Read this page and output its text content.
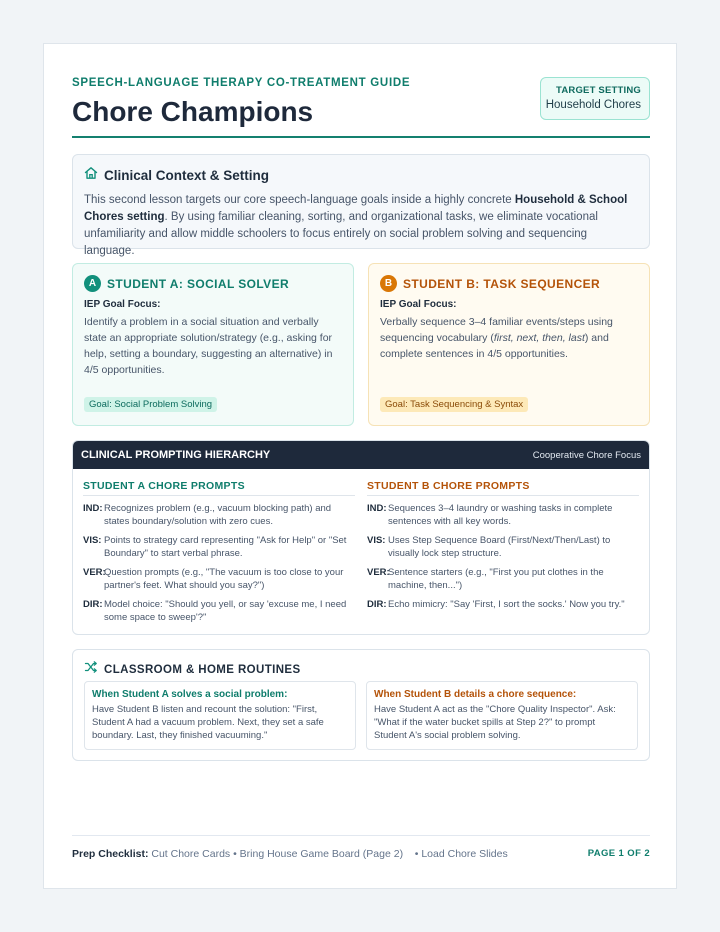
SPEECH-LANGUAGE THERAPY CO-TREATMENT GUIDE
Chore Champions
TARGET SETTING
Household Chores
Clinical Context & Setting

This second lesson targets our core speech-language goals inside a highly concrete Household & School Chores setting. By using familiar cleaning, sorting, and organizational tasks, we eliminate vocational unfamiliarity and allow middle schoolers to focus entirely on social problem solving and sequencing language.

A STUDENT A: SOCIAL SOLVER
IEP Goal Focus:
Identify a problem in a social situation and verbally state an appropriate solution/strategy (e.g., asking for help, setting a boundary, suggesting an alternative) in 4/5 opportunities.
Goal: Social Problem Solving
B STUDENT B: TASK SEQUENCER
IEP Goal Focus:
Verbally sequence 3–4 familiar events/steps using sequencing vocabulary (first, next, then, last) and complete sentences in 4/5 opportunities.
Goal: Task Sequencing & Syntax
CLINICAL PROMPTING HIERARCHY	Cooperative Chore Focus
STUDENT A CHORE PROMPTS
IND: Recognizes problem (e.g., vacuum blocking path) and states boundary/solution with zero cues.
VIS: Points to strategy card representing "Ask for Help" or "Set Boundary" to start verbal phrase.
VER:
Question prompts (e.g., "The vacuum is too close to your partner's feet. What should you say?")
DIR: Model choice: "Should you yell, or say 'excuse me, I need some space to sweep'?"
STUDENT B CHORE PROMPTS
IND: Sequences 3–4 laundry or washing tasks in complete sentences with all key words.
VIS: Uses Step Sequence Board (First/Next/Then/Last) to visually lock step structure.
VER:
Sentence starters (e.g., "First you put clothes in the machine, then...")
DIR: Echo mimicry: "Say 'First, I sort the socks.' Now you try."
CLASSROOM & HOME ROUTINES
When Student A solves a social problem:
Have Student B listen and recount the solution: "First, Student A had a vacuum problem. Next, they set a safe boundary. Last, they finished vacuuming."
When Student B details a chore sequence:
Have Student A act as the "Chore Quality Inspector". Ask: "What if the water bucket spills at Step 2?" to prompt Student A's social problem solving.
Prep Checklist: Cut Chore Cards • Bring House Game Board (Page 2)    • Load Chore Slides	PAGE 1 OF 2
